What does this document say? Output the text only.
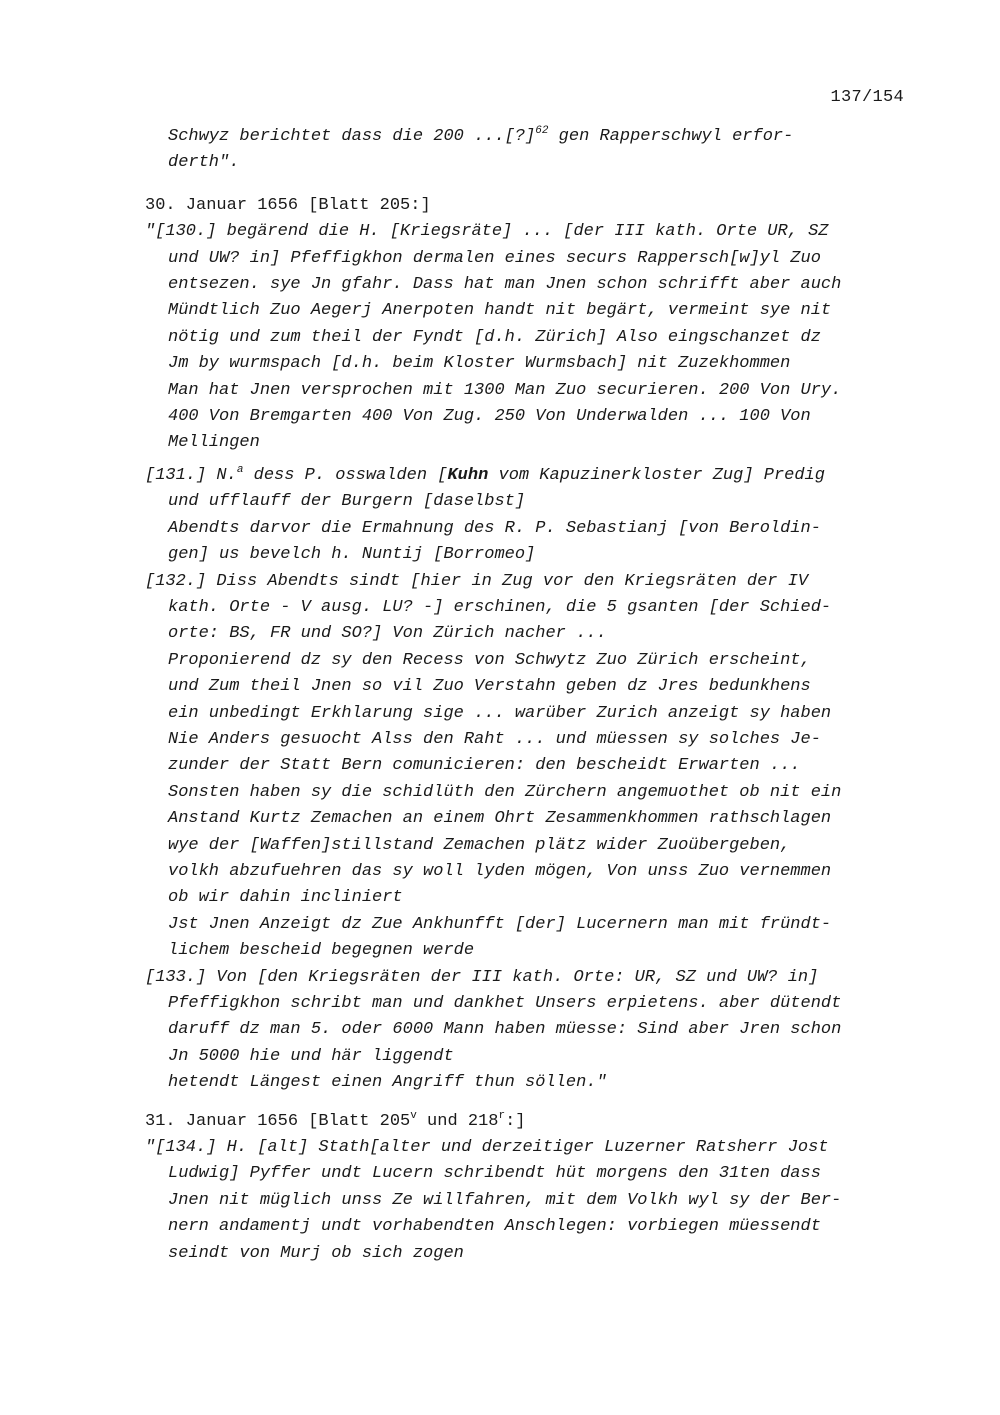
137/154
Schwyz berichtet dass die 200 ...[?]$^{62}$ gen Rapperschwyl erfor-
derth".
30. Januar 1656 [Blatt 205:]
"[130.] begärend die H. [Kriegsräte] ... [der III kath. Orte UR, SZ
und UW? in] Pfeffigkhon dermalen eines securs Rappersch[w]yl Zuo
entsezen. sye Jn gfahr. Dass hat man Jnen schon schrifft aber auch
Mündtlich Zuo Aegerj Anerpoten handt nit begärt, vermeint sye nit
nötig und zum theil der Fyndt [d.h. Zürich] Also eingschanzet dz
Jm by wurmspach [d.h. beim Kloster Wurmsbach] nit Zuzekhommen
Man hat Jnen versprochen mit 1300 Man Zuo securieren. 200 Von Ury.
400 Von Bremgarten 400 Von Zug. 250 Von Underwalden ... 100 Von
Mellingen
[131.] N.$^a$ dess P. osswalden [Kuhn vom Kapuzinerkloster Zug] Predig
und ufflauff der Burgern [daselbst]
Abendts darvor die Ermahnung des R. P. Sebastianj [von Beroldin-
gen] us bevelch h. Nuntij [Borromeo]
[132.] Diss Abendts sindt [hier in Zug vor den Kriegsräten der IV
kath. Orte - V ausg. LU? -] erschinen, die 5 gsanten [der Schied-
orte: BS, FR und SO?] Von Zürich nacher ...
Proponierend dz sy den Recess von Schwytz Zuo Zürich erscheint,
und Zum theil Jnen so vil Zuo Verstahn geben dz Jres bedunkhens
ein unbedingt Erkhlarung sige ... warüber Zurich anzeigt sy haben
Nie Anders gesuocht Alss den Raht ... und müessen sy solches Je-
zunder der Statt Bern comunicieren: den bescheidt Erwarten ...
Sonsten haben sy die schidlüth den Zürchern angemuothet ob nit ein
Anstand Kurtz Zemachen an einem Ohrt Zesammenkhommen rathschlagen
wye der [Waffen]stillstand Zemachen plätz wider Zuoübergeben,
volkh abzufuehren das sy woll lyden mögen, Von unss Zuo vernemmen
ob wir dahin incliniert
Jst Jnen Anzeigt dz Zue Ankhunfft [der] Lucernern man mit fründt-
lichem bescheid begegnen werde
[133.] Von [den Kriegsräten der III kath. Orte: UR, SZ und UW? in]
Pfeffigkhon schribt man und dankhet Unsers erpietens. aber dütendt
daruff dz man 5. oder 6000 Mann haben müesse: Sind aber Jren schon
Jn 5000 hie und här liggendt
hetendt Längest einen Angriff thun söllen."
31. Januar 1656 [Blatt 205$^v$ und 218$^r$:]
"[134.] H. [alt] Stath[alter und derzeitiger Luzerner Ratsherr Jost
Ludwig] Pyffer undt Lucern schribendt hüt morgens den 31ten dass
Jnen nit müglich unss Ze willfahren, mit dem Volkh wyl sy der Ber-
nern andamentj undt vorhabendten Anschlegen: vorbiegen müessendt
seindt von Murj ob sich zogen
